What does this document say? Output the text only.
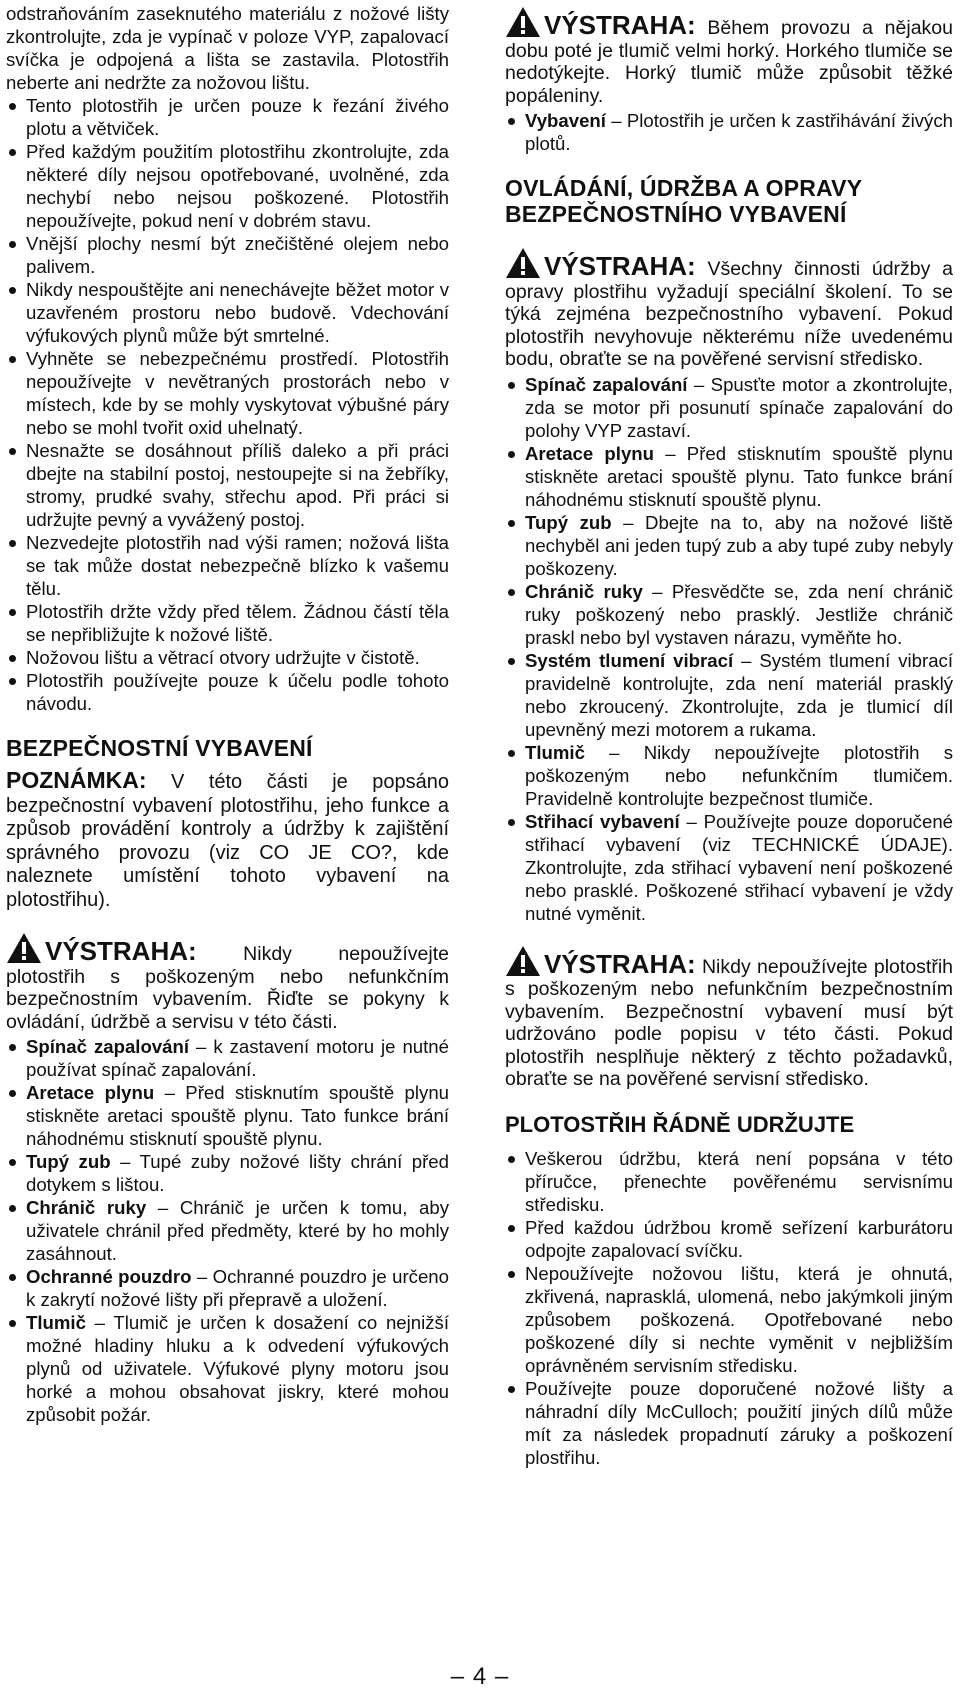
odstraňováním zaseknutého materiálu z nožové lišty zkontrolujte, zda je vypínač v poloze VYP, zapalovací svíčka je odpojená a lišta se zastavila. Plotostřih neberte ani nedržte za nožovou lištu.

Tento plotostřih je určen pouze k řezání živého plotu a větviček.
Před každým použitím plotostřihu zkontrolujte, zda některé díly nejsou opotřebované, uvolněné, zda nechybí nebo nejsou poškozené. Plotostřih nepoužívejte, pokud není v dobrém stavu.
Vnější plochy nesmí být znečištěné olejem nebo palivem.
Nikdy nespouštějte ani nenechávejte běžet motor v uzavřeném prostoru nebo budově. Vdechování výfukových plynů může být smrtelné.
Vyhněte se nebezpečnému prostředí. Plotostřih nepoužívejte v nevětraných prostorách nebo v místech, kde by se mohly vyskytovat výbušné páry nebo se mohl tvořit oxid uhelnatý.
Nesnažte se dosáhnout příliš daleko a při práci dbejte na stabilní postoj, nestoupejte si na žebříky, stromy, prudké svahy, střechu apod. Při práci si udržujte pevný a vyvážený postoj.
Nezvedejte plotostřih nad výši ramen; nožová lišta se tak může dostat nebezpečně blízko k vašemu tělu.
Plotostřih držte vždy před tělem. Žádnou částí těla se nepřibližujte k nožové liště.
Nožovou lištu a větrací otvory udržujte v čistotě.
Plotostřih používejte pouze k účelu podle tohoto návodu.
BEZPEČNOSTNÍ VYBAVENÍ

POZNÁMKA: V této části je popsáno bezpečnostní vybavení plotostřihu, jeho funkce a způsob provádění kontroly a údržby k zajištění správného provozu (viz CO JE CO?, kde naleznete umístění tohoto vybavení na plotostřihu).

VÝSTRAHA: Nikdy nepoužívejte plotostřih s poškozeným nebo nefunkčním bezpečnostním vybavením. Řiďte se pokyny k ovládání, údržbě a servisu v této části.

Spínač zapalování – k zastavení motoru je nutné používat spínač zapalování.
Aretace plynu – Před stisknutím spouště plynu stiskněte aretaci spouště plynu. Tato funkce brání náhodnému stisknutí spouště plynu.
Tupý zub – Tupé zuby nožové lišty chrání před dotykem s lištou.
Chránič ruky – Chránič je určen k tomu, aby uživatele chránil před předměty, které by ho mohly zasáhnout.
Ochranné pouzdro – Ochranné pouzdro je určeno k zakrytí nožové lišty při přepravě a uložení.
Tlumič – Tlumič je určen k dosažení co nejnižší možné hladiny hluku a k odvedení výfukových plynů od uživatele. Výfukové plyny motoru jsou horké a mohou obsahovat jiskry, které mohou způsobit požár.

VÝSTRAHA: Během provozu a nějakou dobu poté je tlumič velmi horký. Horkého tlumiče se nedotýkejte. Horký tlumič může způsobit těžké popáleniny.

Vybavení – Plotostřih je určen k zastřihávání živých plotů.
OVLÁDÁNÍ, ÚDRŽBA A OPRAVY BEZPEČNOSTNÍHO VYBAVENÍ

VÝSTRAHA: Všechny činnosti údržby a opravy plostřihu vyžadují speciální školení. To se týká zejména bezpečnostního vybavení. Pokud plotostřih nevyhovuje některému níže uvedenému bodu, obraťte se na pověřené servisní středisko.

Spínač zapalování – Spusťte motor a zkontrolujte, zda se motor při posunutí spínače zapalování do polohy VYP zastaví.
Aretace plynu – Před stisknutím spouště plynu stiskněte aretaci spouště plynu. Tato funkce brání náhodnému stisknutí spouště plynu.
Tupý zub – Dbejte na to, aby na nožové liště nechyběl ani jeden tupý zub a aby tupé zuby nebyly poškozeny.
Chránič ruky – Přesvědčte se, zda není chránič ruky poškozený nebo prasklý. Jestliže chránič praskl nebo byl vystaven nárazu, vyměňte ho.
Systém tlumení vibrací – Systém tlumení vibrací pravidelně kontrolujte, zda není materiál prasklý nebo zkroucený. Zkontrolujte, zda je tlumicí díl upevněný mezi motorem a rukama.
Tlumič – Nikdy nepoužívejte plotostřih s poškozeným nebo nefunkčním tlumičem. Pravidelně kontrolujte bezpečnost tlumiče.
Střihací vybavení – Používejte pouze doporučené střihací vybavení (viz TECHNICKÉ ÚDAJE). Zkontrolujte, zda střihací vybavení není poškozené nebo prasklé. Poškozené střihací vybavení je vždy nutné vyměnit.

VÝSTRAHA: Nikdy nepoužívejte plotostřih s poškozeným nebo nefunkčním bezpečnostním vybavením. Bezpečnostní vybavení musí být udržováno podle popisu v této části. Pokud plotostřih nesplňuje některý z těchto požadavků, obraťte se na pověřené servisní středisko.

PLOTOSTŘIH ŘÁDNĚ UDRŽUJTE
Veškerou údržbu, která není popsána v této příručce, přenechte pověřenému servisnímu středisku.
Před každou údržbou kromě seřízení karburátoru odpojte zapalovací svíčku.
Nepoužívejte nožovou lištu, která je ohnutá, zkřivená, naprasklá, ulomená, nebo jakýmkoli jiným způsobem poškozená. Opotřebované nebo poškozené díly si nechte vyměnit v nejbližším oprávněném servisním středisku.
Používejte pouze doporučené nožové lišty a náhradní díly McCulloch; použití jiných dílů může mít za následek propadnutí záruky a poškození plostřihu.
– 4 –
